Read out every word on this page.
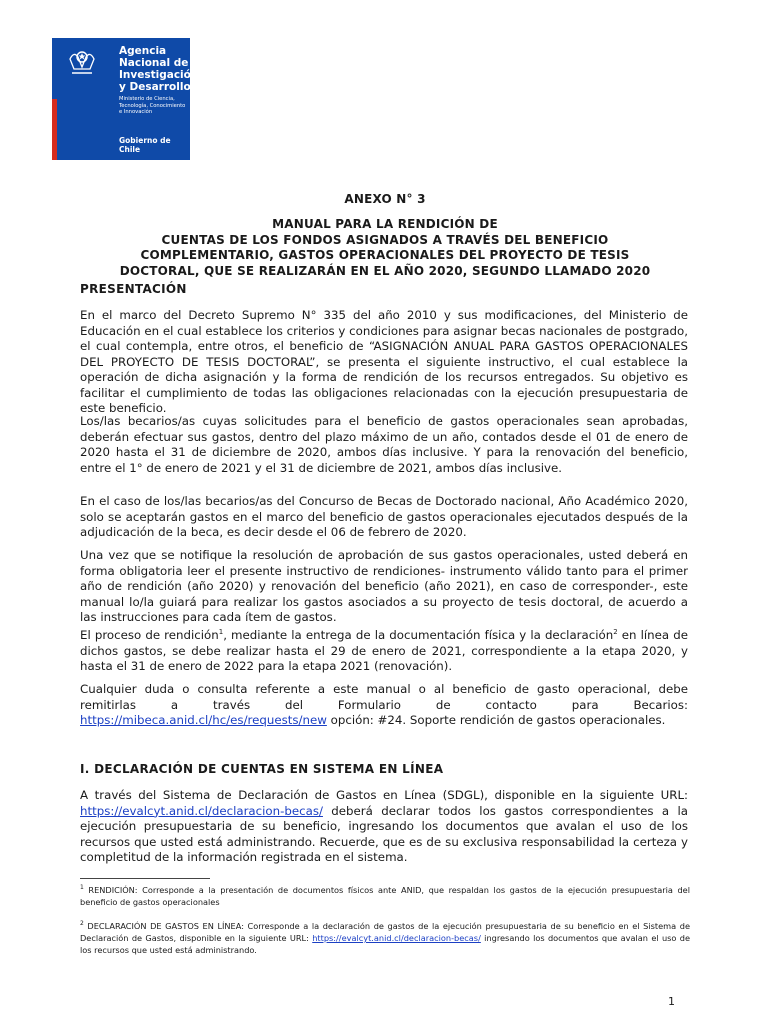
Agencia
Nacional de
Investigación
y Desarrollo
Ministerio de Ciencia,
Tecnología, Conocimiento
e Innovación
Gobierno de Chile
ANEXO N° 3
MANUAL PARA LA RENDICIÓN DE
CUENTAS DE LOS FONDOS ASIGNADOS A TRAVÉS DEL BENEFICIO
COMPLEMENTARIO, GASTOS OPERACIONALES DEL PROYECTO DE TESIS
DOCTORAL, QUE SE REALIZARÁN EN EL AÑO 2020, SEGUNDO LLAMADO 2020
PRESENTACIÓN

En el marco del Decreto Supremo N° 335 del año 2010 y sus modificaciones, del Ministerio de Educación en el cual establece los criterios y condiciones para asignar becas nacionales de postgrado, el cual contempla, entre otros, el beneficio de “ASIGNACIÓN ANUAL PARA GASTOS OPERACIONALES DEL PROYECTO DE TESIS DOCTORAL”, se presenta el siguiente instructivo, el cual establece la operación de dicha asignación y la forma de rendición de los recursos entregados. Su objetivo es facilitar el cumplimiento de todas las obligaciones relacionadas con la ejecución presupuestaria de este beneficio.

Los/las becarios/as cuyas solicitudes para el beneficio de gastos operacionales sean aprobadas, deberán efectuar sus gastos, dentro del plazo máximo de un año, contados desde el 01 de enero de 2020 hasta el 31 de diciembre de 2020, ambos días inclusive. Y para la renovación del beneficio, entre el 1° de enero de 2021 y el 31 de diciembre de 2021, ambos días inclusive.

En el caso de los/las becarios/as del Concurso de Becas de Doctorado nacional, Año Académico 2020, solo se aceptarán gastos en el marco del beneficio de gastos operacionales ejecutados después de la adjudicación de la beca, es decir desde el 06 de febrero de 2020.

Una vez que se notifique la resolución de aprobación de sus gastos operacionales, usted deberá en forma obligatoria leer el presente instructivo de rendiciones- instrumento válido tanto para el primer año de rendición (año 2020) y renovación del beneficio (año 2021), en caso de corresponder-, este manual lo/la guiará para realizar los gastos asociados a su proyecto de tesis doctoral, de acuerdo a las instrucciones para cada ítem de gastos.

El proceso de rendición$^1$, mediante la entrega de la documentación física y la declaración$^2$ en línea de dichos gastos, se debe realizar hasta el 29 de enero de 2021, correspondiente a la etapa 2020, y hasta el 31 de enero de 2022 para la etapa 2021 (renovación).

Cualquier duda o consulta referente a este manual o al beneficio de gasto operacional, debe remitirlas a través del Formulario de contacto para Becarios: https://mibeca.anid.cl/hc/es/requests/new opción: #24. Soporte rendición de gastos operacionales.

I. DECLARACIÓN DE CUENTAS EN SISTEMA EN LÍNEA

A través del Sistema de Declaración de Gastos en Línea (SDGL), disponible en la siguiente URL: https://evalcyt.anid.cl/declaracion-becas/ deberá declarar todos los gastos correspondientes a la ejecución presupuestaria de su beneficio, ingresando los documentos que avalan el uso de los recursos que usted está administrando. Recuerde, que es de su exclusiva responsabilidad la certeza y completitud de la información registrada en el sistema.

$^1$ RENDICIÓN: Corresponde a la presentación de documentos físicos ante ANID, que respaldan los gastos de la ejecución presupuestaria del beneficio de gastos operacionales

$^2$ DECLARACIÓN DE GASTOS EN LÍNEA: Corresponde a la declaración de gastos de la ejecución presupuestaria de su beneficio en el Sistema de Declaración de Gastos, disponible en la siguiente URL: https://evalcyt.anid.cl/declaracion-becas/ ingresando los documentos que avalan el uso de los recursos que usted está administrando.

1
